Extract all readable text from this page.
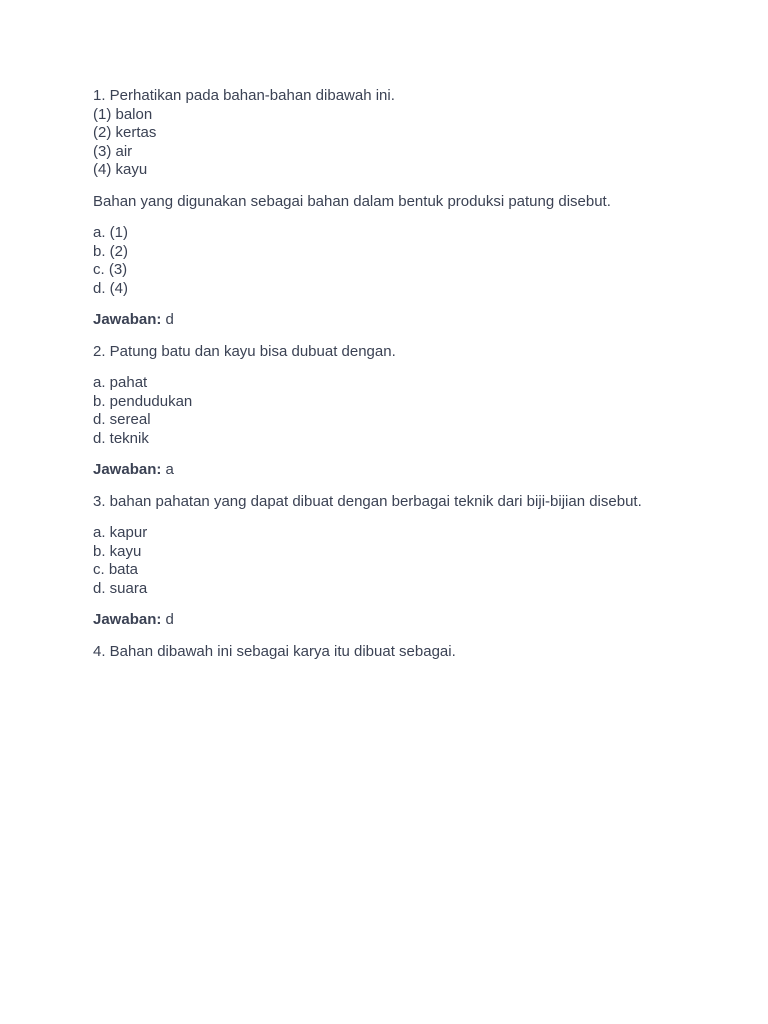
1. Perhatikan pada bahan-bahan dibawah ini.
(1) balon
(2) kertas
(3) air
(4) kayu
Bahan yang digunakan sebagai bahan dalam bentuk produksi patung disebut.
a. (1)
b. (2)
c. (3)
d. (4)
Jawaban: d
2. Patung batu dan kayu bisa dubuat dengan.
a. pahat
b. pendudukan
d. sereal
d. teknik
Jawaban: a
3. bahan pahatan yang dapat dibuat dengan berbagai teknik dari biji-bijian disebut.
a. kapur
b. kayu
c. bata
d. suara
Jawaban: d
4. Bahan dibawah ini sebagai karya itu dibuat sebagai.
